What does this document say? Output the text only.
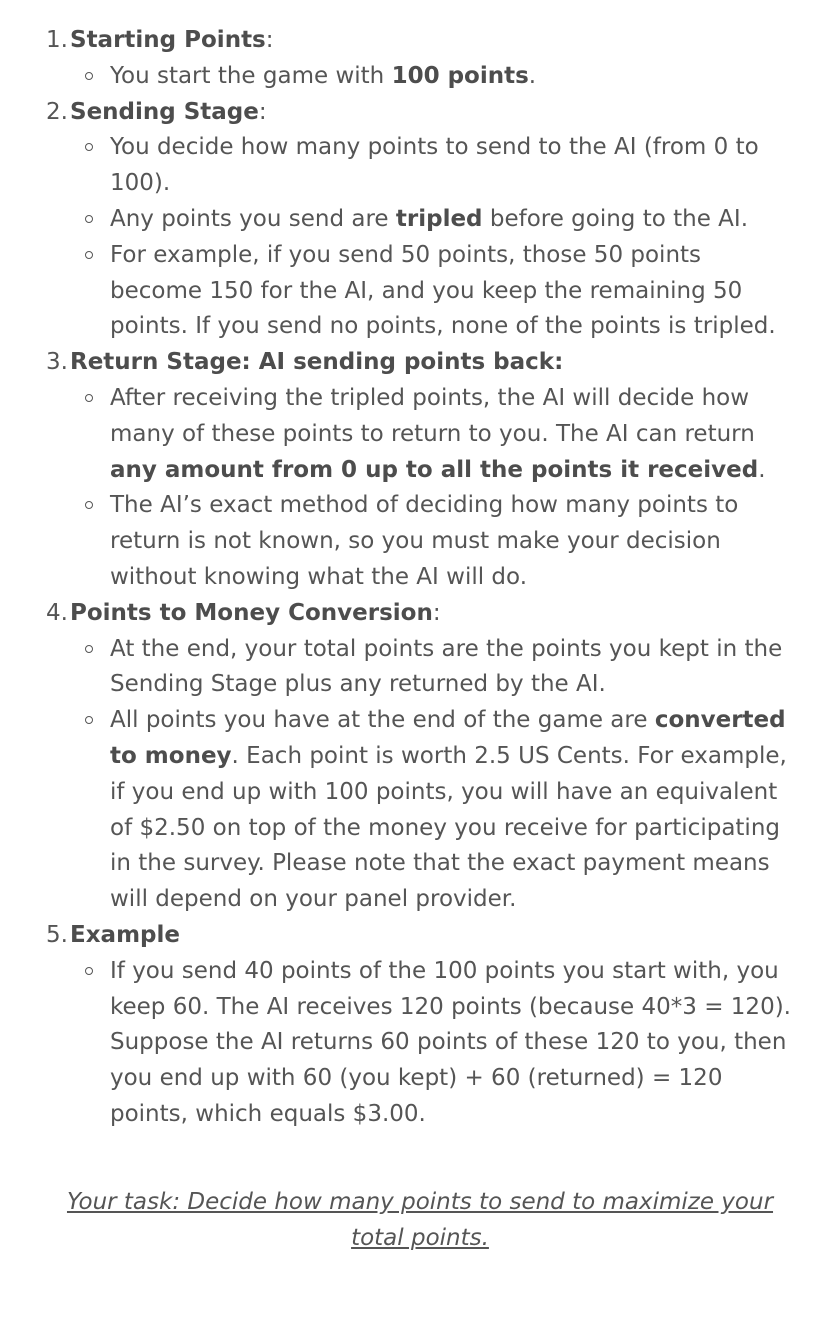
1. Starting Points:
You start the game with 100 points.
2. Sending Stage:
You decide how many points to send to the AI (from 0 to 100).
Any points you send are tripled before going to the AI.
For example, if you send 50 points, those 50 points become 150 for the AI, and you keep the remaining 50 points. If you send no points, none of the points is tripled.
3. Return Stage: AI sending points back:
After receiving the tripled points, the AI will decide how many of these points to return to you. The AI can return any amount from 0 up to all the points it received.
The AI’s exact method of deciding how many points to return is not known, so you must make your decision without knowing what the AI will do.
4. Points to Money Conversion:
At the end, your total points are the points you kept in the Sending Stage plus any returned by the AI.
All points you have at the end of the game are converted to money. Each point is worth 2.5 US Cents. For example, if you end up with 100 points, you will have an equivalent of $2.50 on top of the money you receive for participating in the survey. Please note that the exact payment means will depend on your panel provider.
5. Example
If you send 40 points of the 100 points you start with, you keep 60. The AI receives 120 points (because 40*3 = 120). Suppose the AI returns 60 points of these 120 to you, then you end up with 60 (you kept) + 60 (returned) = 120 points, which equals $3.00.
Your task: Decide how many points to send to maximize your total points.
